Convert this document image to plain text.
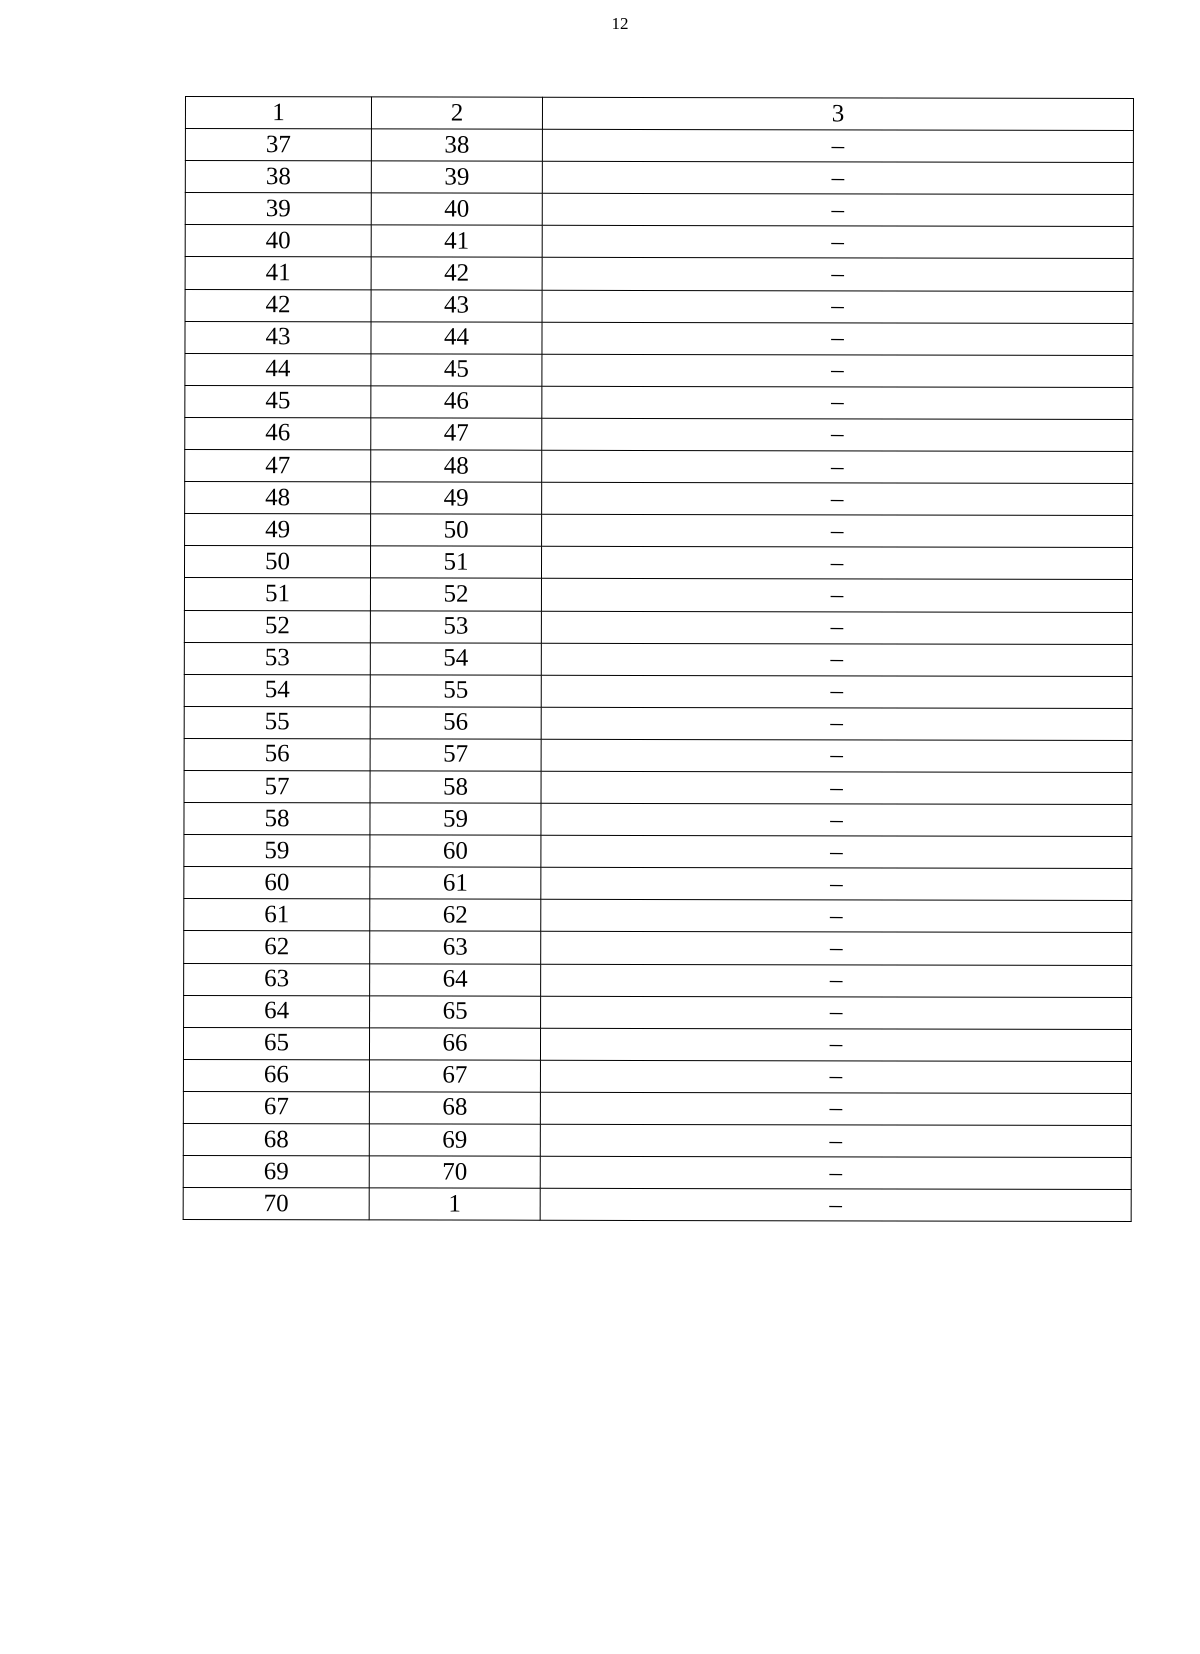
12
1	2	3
37	38	–
38	39	–
39	40	–
40	41	–
41	42	–
42	43	–
43	44	–
44	45	–
45	46	–
46	47	–
47	48	–
48	49	–
49	50	–
50	51	–
51	52	–
52	53	–
53	54	–
54	55	–
55	56	–
56	57	–
57	58	–
58	59	–
59	60	–
60	61	–
61	62	–
62	63	–
63	64	–
64	65	–
65	66	–
66	67	–
67	68	–
68	69	–
69	70	–
70	1	–
